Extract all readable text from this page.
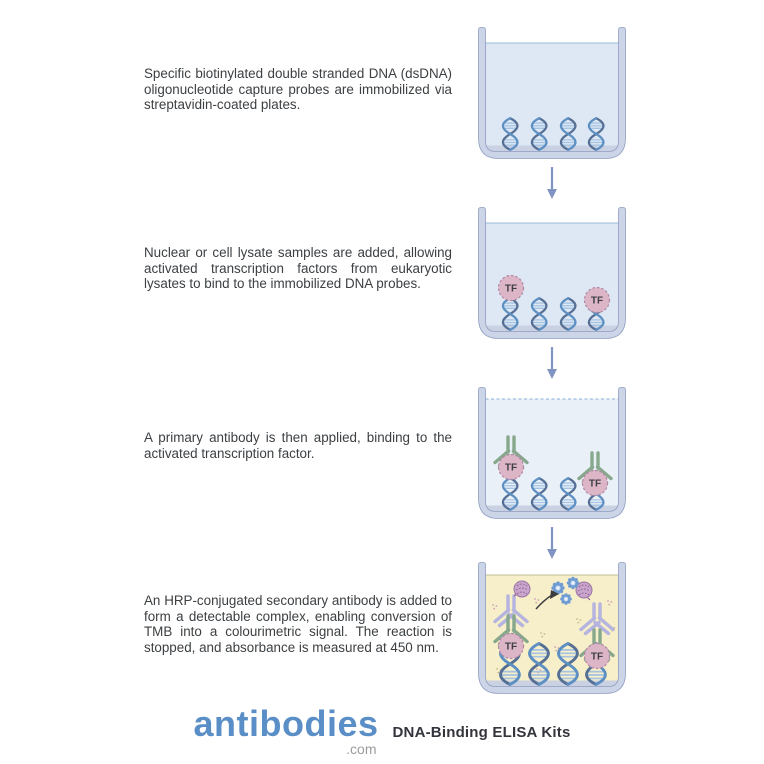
Specific biotinylated double stranded DNA (dsDNA) oligonucleotide capture probes are immobilized via streptavidin-coated plates.
Nuclear or cell lysate samples are added, allowing activated transcription factors from eukaryotic lysates to bind to the immobilized DNA probes.
A primary antibody is then applied, binding to the activated transcription factor.
An HRP-conjugated secondary antibody is added to form a detectable complex, enabling conversion of TMB into a colourimetric signal. The reaction is stopped, and absorbance is measured at 450 nm.
TF
TF
TF
TF
TF
TF
antibodies
.com
DNA-Binding ELISA Kits
